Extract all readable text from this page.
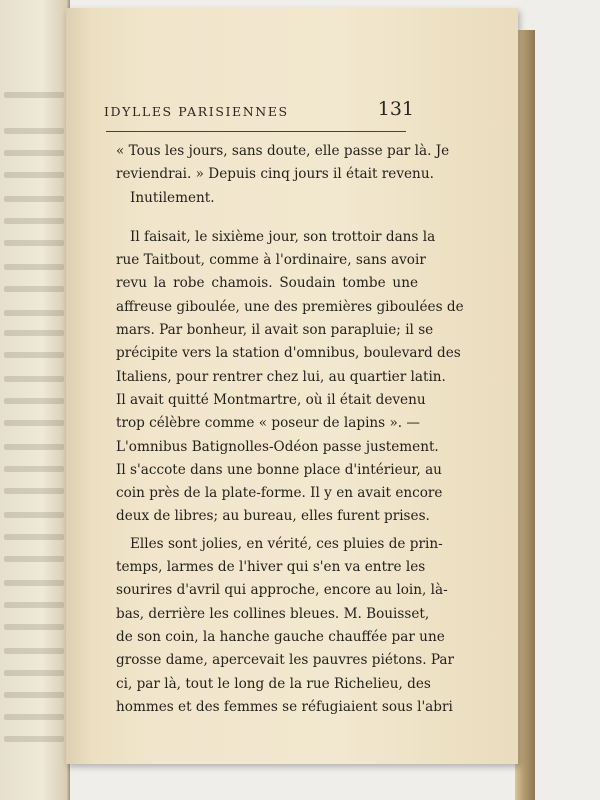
IDYLLES PARISIENNES	131
« Tous les jours, sans doute, elle passe par là. Je
reviendrai. » Depuis cinq jours il était revenu.
Inutilement.
Il faisait, le sixième jour, son trottoir dans la
rue Taitbout, comme à l'ordinaire, sans avoir
revu la robe chamois. Soudain tombe une
affreuse giboulée, une des premières giboulées de
mars. Par bonheur, il avait son parapluie; il se
précipite vers la station d'omnibus, boulevard des
Italiens, pour rentrer chez lui, au quartier latin.
Il avait quitté Montmartre, où il était devenu
trop célèbre comme « poseur de lapins ». —
L'omnibus Batignolles-Odéon passe justement.
Il s'accote dans une bonne place d'intérieur, au
coin près de la plate-forme. Il y en avait encore
deux de libres; au bureau, elles furent prises.
Elles sont jolies, en vérité, ces pluies de prin-
temps, larmes de l'hiver qui s'en va entre les
sourires d'avril qui approche, encore au loin, là-
bas, derrière les collines bleues. M. Bouisset,
de son coin, la hanche gauche chauffée par une
grosse dame, apercevait les pauvres piétons. Par
ci, par là, tout le long de la rue Richelieu, des
hommes et des femmes se réfugiaient sous l'abri
